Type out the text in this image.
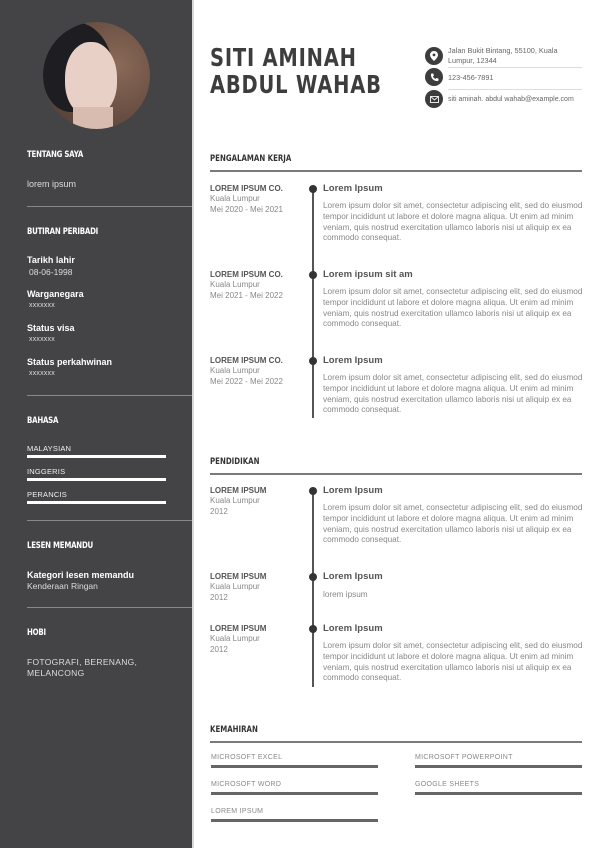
TENTANG SAYA
lorem ipsum
BUTIRAN PERIBADI
Tarikh lahir
08-06-1998
Warganegara
xxxxxxx
Status visa
xxxxxxx
Status perkahwinan
xxxxxxx
BAHASA
MALAYSIAN
INGGERIS
PERANCIS
LESEN MEMANDU
Kategori lesen memandu
Kenderaan Ringan
HOBI
FOTOGRAFI, BERENANG,
MELANCONG
SITI AMINAH
ABDUL WAHAB
Jalan Bukit Bintang, 55100, Kuala
Lumpur, 12344
123-456-7891
siti aminah. abdul wahab@example.com
PENGALAMAN KERJA
LOREM IPSUM CO.
Kuala Lumpur
Mei 2020 - Mei 2021
Lorem Ipsum
Lorem ipsum dolor sit amet, consectetur adipiscing elit, sed do eiusmod tempor incididunt ut labore et dolore magna aliqua. Ut enim ad minim veniam, quis nostrud exercitation ullamco laboris nisi ut aliquip ex ea commodo consequat.
LOREM IPSUM CO.
Kuala Lumpur
Mei 2021 - Mei 2022
Lorem ipsum sit am
Lorem ipsum dolor sit amet, consectetur adipiscing elit, sed do eiusmod tempor incididunt ut labore et dolore magna aliqua. Ut enim ad minim veniam, quis nostrud exercitation ullamco laboris nisi ut aliquip ex ea commodo consequat.
LOREM IPSUM CO.
Kuala Lumpur
Mei 2022 - Mei 2022
Lorem Ipsum
Lorem ipsum dolor sit amet, consectetur adipiscing elit, sed do eiusmod tempor incididunt ut labore et dolore magna aliqua. Ut enim ad minim veniam, quis nostrud exercitation ullamco laboris nisi ut aliquip ex ea commodo consequat.
PENDIDIKAN
LOREM IPSUM
Kuala Lumpur
2012
Lorem Ipsum
Lorem ipsum dolor sit amet, consectetur adipiscing elit, sed do eiusmod tempor incididunt ut labore et dolore magna aliqua. Ut enim ad minim veniam, quis nostrud exercitation ullamco laboris nisi ut aliquip ex ea commodo consequat.
LOREM IPSUM
Kuala Lumpur
2012
Lorem Ipsum
lorem ipsum
LOREM IPSUM
Kuala Lumpur
2012
Lorem Ipsum
Lorem ipsum dolor sit amet, consectetur adipiscing elit, sed do eiusmod tempor incididunt ut labore et dolore magna aliqua. Ut enim ad minim veniam, quis nostrud exercitation ullamco laboris nisi ut aliquip ex ea commodo consequat.
KEMAHIRAN
MICROSOFT EXCEL	MICROSOFT POWERPOINT
MICROSOFT WORD	GOOGLE SHEETS
LOREM IPSUM
